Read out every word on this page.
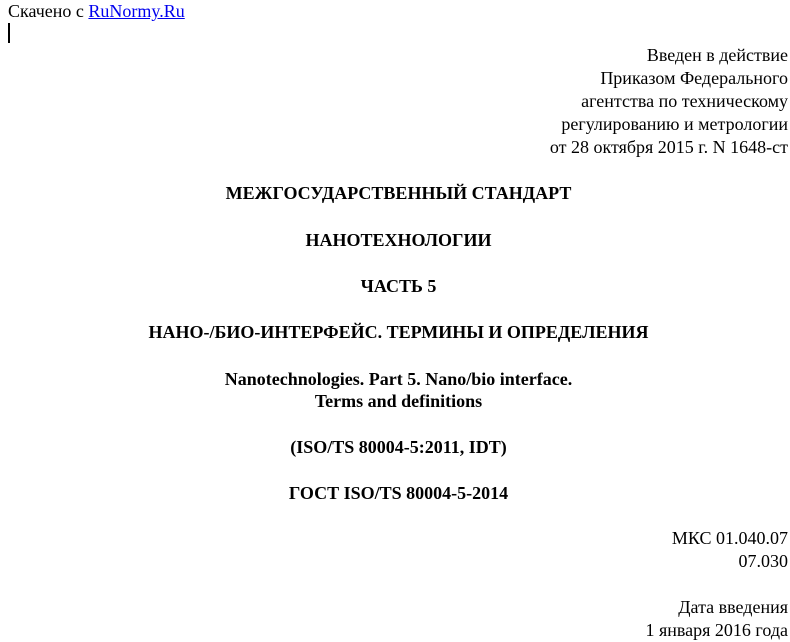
Скачено с RuNormy.Ru
Введен в действие
Приказом Федерального
агентства по техническому
регулированию и метрологии
от 28 октября 2015 г. N 1648-ст
МЕЖГОСУДАРСТВЕННЫЙ СТАНДАРТ
НАНОТЕХНОЛОГИИ
ЧАСТЬ 5
НАНО-/БИО-ИНТЕРФЕЙС. ТЕРМИНЫ И ОПРЕДЕЛЕНИЯ
Nanotechnologies. Part 5. Nano/bio interface.
Terms and definitions
(ISO/TS 80004-5:2011, IDT)
ГОСТ ISO/TS 80004-5-2014
МКС 01.040.07
07.030
Дата введения
1 января 2016 года
